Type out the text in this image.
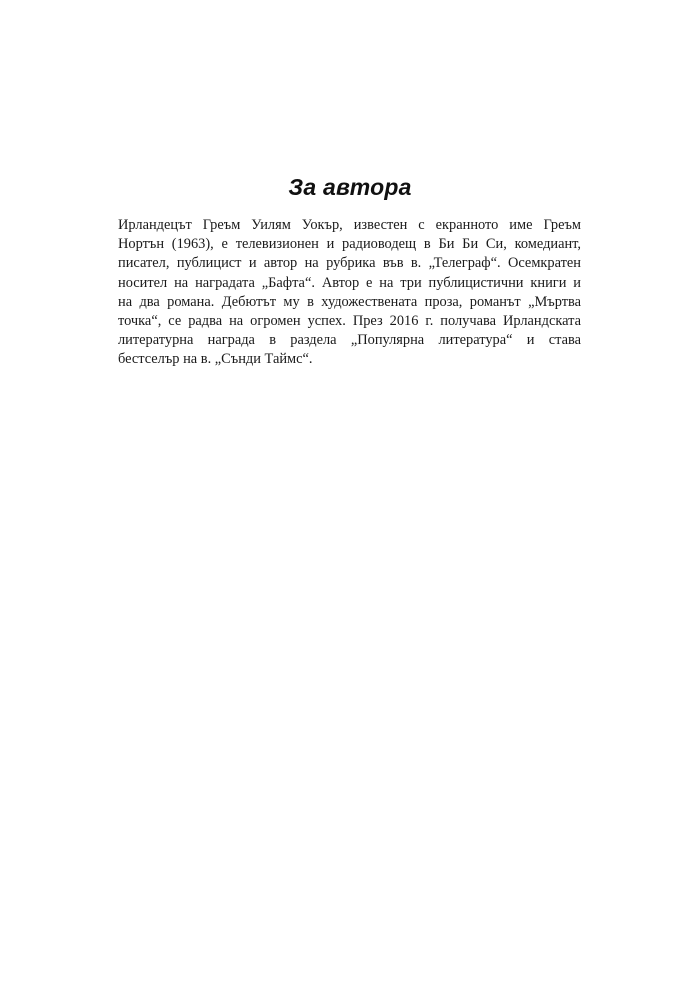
За автора
Ирландецът Греъм Уилям Уокър, известен с екранното име Греъм
Нортън (1963), е телевизионен и радиоводещ в Би Би Си, комедиант,
писател, публицист и автор на рубрика във в. „Телеграф“. Осемкратен
носител на наградата „Бафта“. Автор е на три публицистични книги и
на два романа. Дебютът му в художествената проза, романът „Мъртва
точка“, се радва на огромен успех. През 2016 г. получава Ирландската
литературна награда в раздела „Популярна литература“ и става
бестселър на в. „Сънди Таймс“.
